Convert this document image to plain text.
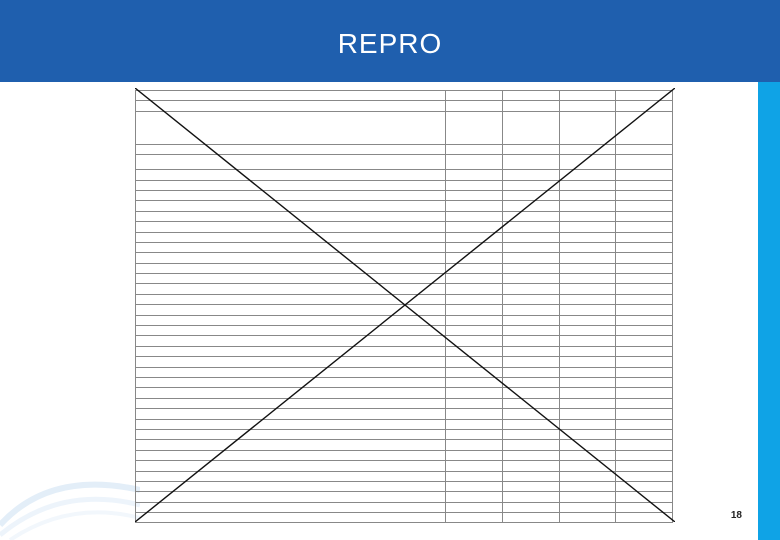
REPRO

18
